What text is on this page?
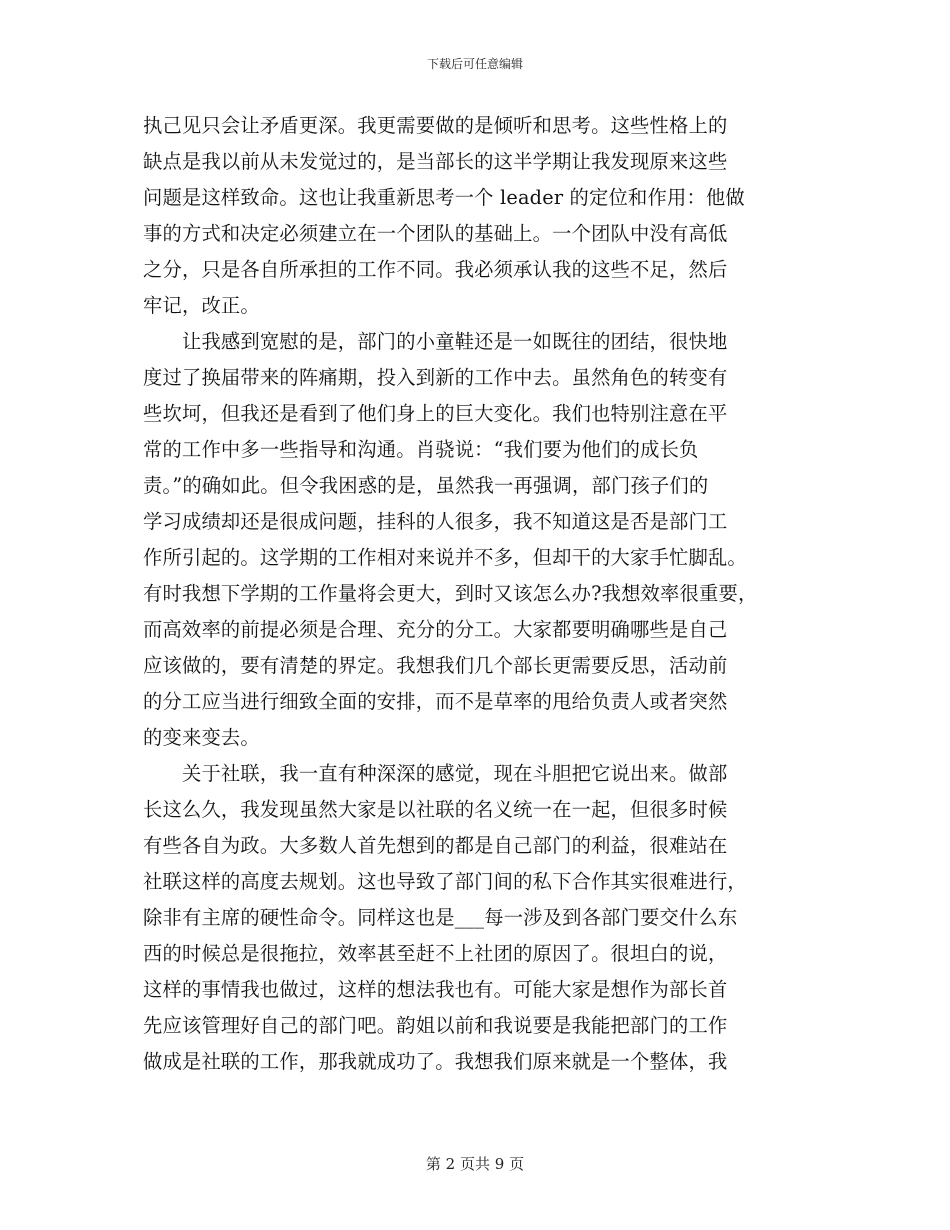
下载后可任意编辑
执己见只会让矛盾更深。我更需要做的是倾听和思考。这些性格上的
缺点是我以前从未发觉过的，是当部长的这半学期让我发现原来这些
问题是这样致命。这也让我重新思考一个 leader 的定位和作用：他做
事的方式和决定必须建立在一个团队的基础上。一个团队中没有高低
之分，只是各自所承担的工作不同。我必须承认我的这些不足，然后
牢记，改正。
　　让我感到宽慰的是，部门的小童鞋还是一如既往的团结，很快地
度过了换届带来的阵痛期，投入到新的工作中去。虽然角色的转变有
些坎坷，但我还是看到了他们身上的巨大变化。我们也特别注意在平
常的工作中多一些指导和沟通。肖骁说：“我们要为他们的成长负
责。”的确如此。但令我困惑的是，虽然我一再强调，部门孩子们的
学习成绩却还是很成问题，挂科的人很多，我不知道这是否是部门工
作所引起的。这学期的工作相对来说并不多，但却干的大家手忙脚乱。
有时我想下学期的工作量将会更大，到时又该怎么办?我想效率很重要，
而高效率的前提必须是合理、充分的分工。大家都要明确哪些是自己
应该做的，要有清楚的界定。我想我们几个部长更需要反思，活动前
的分工应当进行细致全面的安排，而不是草率的甩给负责人或者突然
的变来变去。
　　关于社联，我一直有种深深的感觉，现在斗胆把它说出来。做部
长这么久，我发现虽然大家是以社联的名义统一在一起，但很多时候
有些各自为政。大多数人首先想到的都是自己部门的利益，很难站在
社联这样的高度去规划。这也导致了部门间的私下合作其实很难进行，
除非有主席的硬性命令。同样这也是___每一涉及到各部门要交什么东
西的时候总是很拖拉，效率甚至赶不上社团的原因了。很坦白的说，
这样的事情我也做过，这样的想法我也有。可能大家是想作为部长首
先应该管理好自己的部门吧。韵姐以前和我说要是我能把部门的工作
做成是社联的工作，那我就成功了。我想我们原来就是一个整体，我
第 2 页共 9 页
